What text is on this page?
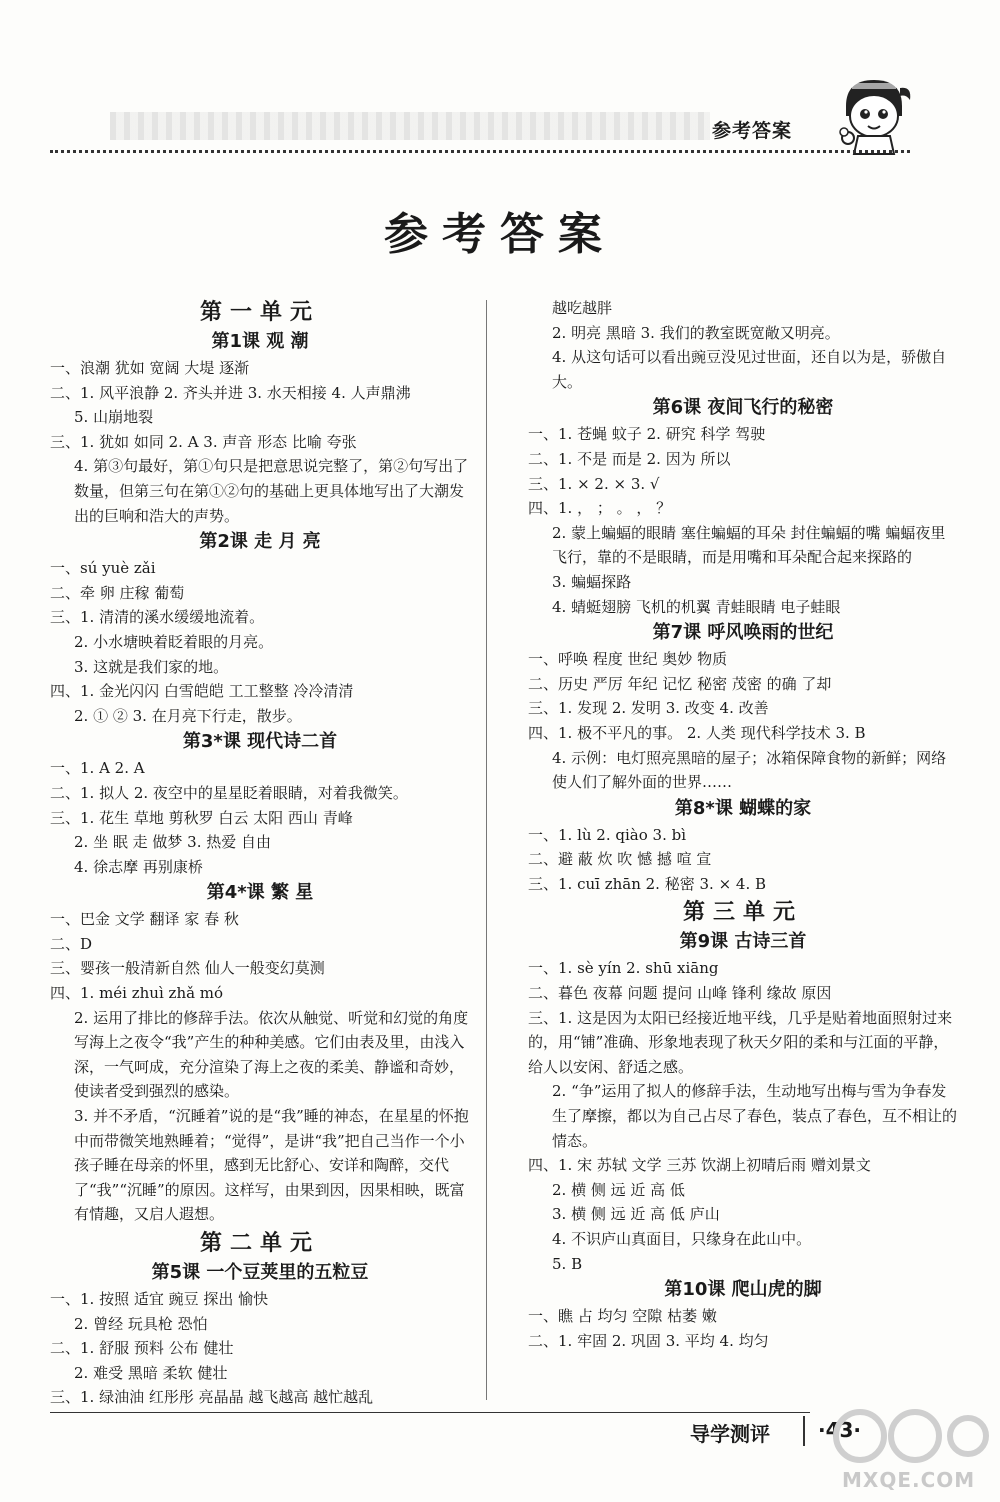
参考答案
参考答案
第一单元
第1课 观 潮
一、浪潮 犹如 宽阔 大堤 逐渐
二、1. 风平浪静 2. 齐头并进 3. 水天相接 4. 人声鼎沸
5. 山崩地裂
三、1. 犹如 如同 2. A 3. 声音 形态 比喻 夸张
4. 第③句最好，第①句只是把意思说完整了，第②句写出了数量，但第三句在第①②句的基础上更具体地写出了大潮发出的巨响和浩大的声势。
第2课 走 月 亮
一、sú yuè zǎi
二、牵 卵 庄稼 葡萄
三、1. 清清的溪水缓缓地流着。
2. 小水塘映着眨着眼的月亮。
3. 这就是我们家的地。
四、1. 金光闪闪 白雪皑皑 工工整整 冷冷清清
2. ① ② 3. 在月亮下行走，散步。
第3*课 现代诗二首
一、1. A 2. A
二、1. 拟人 2. 夜空中的星星眨着眼睛，对着我微笑。
三、1. 花生 草地 剪秋罗 白云 太阳 西山 青峰
2. 坐 眠 走 做梦 3. 热爱 自由
4. 徐志摩 再别康桥
第4*课 繁 星
一、巴金 文学 翻译 家 春 秋
二、D
三、婴孩一般清新自然 仙人一般变幻莫测
四、1. méi zhuì zhǎ mó
2. 运用了排比的修辞手法。依次从触觉、听觉和幻觉的角度写海上之夜令“我”产生的种种美感。它们由表及里，由浅入深，一气呵成，充分渲染了海上之夜的柔美、静谧和奇妙，使读者受到强烈的感染。
3. 并不矛盾，“沉睡着”说的是“我”睡的神态，在星星的怀抱中而带微笑地熟睡着；“觉得”，是讲“我”把自己当作一个小孩子睡在母亲的怀里，感到无比舒心、安详和陶醉，交代了“我”“沉睡”的原因。这样写，由果到因，因果相映，既富有情趣，又启人遐想。
第二单元
第5课 一个豆荚里的五粒豆
一、1. 按照 适宜 豌豆 探出 愉快
2. 曾经 玩具枪 恐怕
二、1. 舒服 预料 公布 健壮
2. 难受 黑暗 柔软 健壮
三、1. 绿油油 红彤彤 亮晶晶 越飞越高 越忙越乱
越吃越胖
2. 明亮 黑暗 3. 我们的教室既宽敞又明亮。
4. 从这句话可以看出豌豆没见过世面，还自以为是，骄傲自大。
第6课 夜间飞行的秘密
一、1. 苍蝇 蚊子 2. 研究 科学 驾驶
二、1. 不是 而是 2. 因为 所以
三、1. × 2. × 3. √
四、1. ， ； 。 ， ？
2. 蒙上蝙蝠的眼睛 塞住蝙蝠的耳朵 封住蝙蝠的嘴 蝙蝠夜里飞行，靠的不是眼睛，而是用嘴和耳朵配合起来探路的
3. 蝙蝠探路
4. 蜻蜓翅膀 飞机的机翼 青蛙眼睛 电子蛙眼
第7课 呼风唤雨的世纪
一、呼唤 程度 世纪 奥妙 物质
二、历史 严厉 年纪 记忆 秘密 茂密 的确 了却
三、1. 发现 2. 发明 3. 改变 4. 改善
四、1. 极不平凡的事。 2. 人类 现代科学技术 3. B
4. 示例：电灯照亮黑暗的屋子；冰箱保障食物的新鲜；网络使人们了解外面的世界……
第8*课 蝴蝶的家
一、1. lù 2. qiào 3. bì
二、避 蔽 炊 吹 憾 撼 喧 宣
三、1. cuī zhān 2. 秘密 3. × 4. B
第三单元
第9课 古诗三首
一、1. sè yín 2. shū xiāng
二、暮色 夜幕 问题 提问 山峰 锋利 缘故 原因
三、1. 这是因为太阳已经接近地平线，几乎是贴着地面照射过来的，用“铺”准确、形象地表现了秋天夕阳的柔和与江面的平静，给人以安闲、舒适之感。
2. “争”运用了拟人的修辞手法，生动地写出梅与雪为争春发生了摩擦，都以为自己占尽了春色，装点了春色，互不相让的情态。
四、1. 宋 苏轼 文学 三苏 饮湖上初晴后雨 赠刘景文
2. 横 侧 远 近 高 低
3. 横 侧 远 近 高 低 庐山
4. 不识庐山真面目，只缘身在此山中。
5. B
第10课 爬山虎的脚
一、瞧 占 均匀 空隙 枯萎 嫩
二、1. 牢固 2. 巩固 3. 平均 4. 均匀
导学测评 ·43·
MXQE.COM
